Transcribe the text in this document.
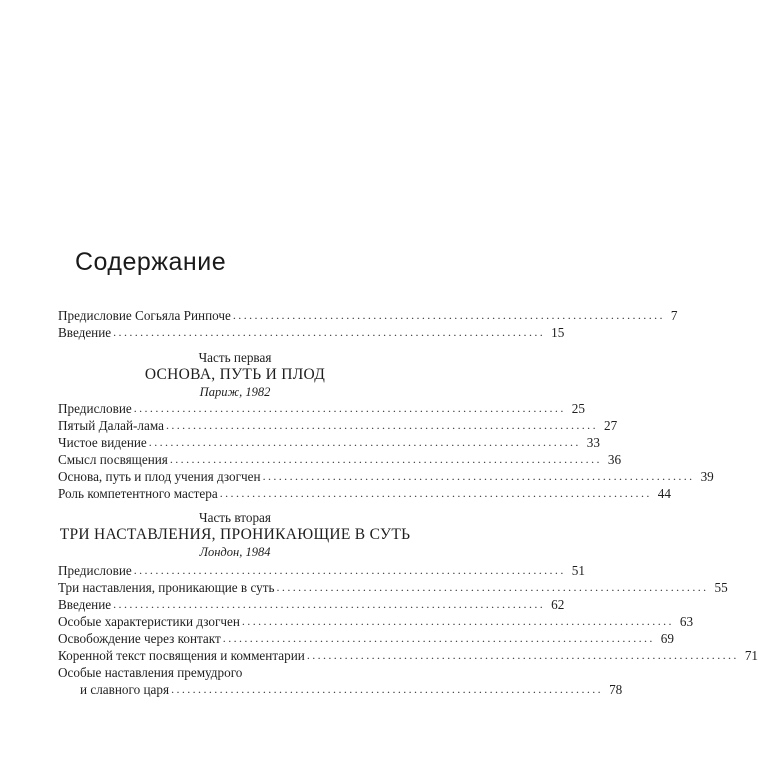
Содержание
Предисловие Согьяла Ринпоче ................................................................................ 7
Введение ................................................................................ 15
Часть первая
ОСНОВА, ПУТЬ И ПЛОД
Париж, 1982
Предисловие ................................................................................ 25
Пятый Далай-лама ................................................................................ 27
Чистое видение ................................................................................ 33
Смысл посвящения ................................................................................ 36
Основа, путь и плод учения дзогчен ................................................................................ 39
Роль компетентного мастера ................................................................................ 44
Часть вторая
ТРИ НАСТАВЛЕНИЯ, ПРОНИКАЮЩИЕ В СУТЬ
Лондон, 1984
Предисловие ................................................................................ 51
Три наставления, проникающие в суть ................................................................................ 55
Введение ................................................................................ 62
Особые характеристики дзогчен ................................................................................ 63
Освобождение через контакт ................................................................................ 69
Коренной текст посвящения и комментарии ................................................................................ 71
Особые наставления премудрого
и славного царя ................................................................................ 78
